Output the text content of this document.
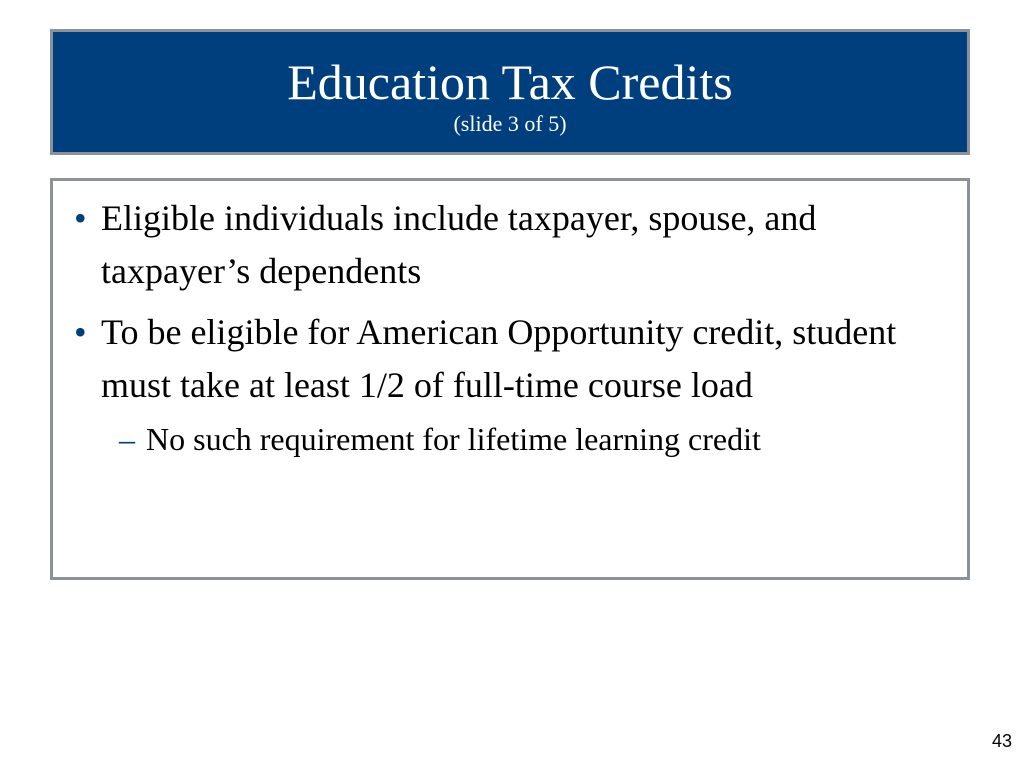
Education Tax Credits
(slide 3 of 5)
• Eligible individuals include taxpayer, spouse, and taxpayer’s dependents
• To be eligible for American Opportunity credit, student must take at least 1/2 of full-time course load
– No such requirement for lifetime learning credit
43
